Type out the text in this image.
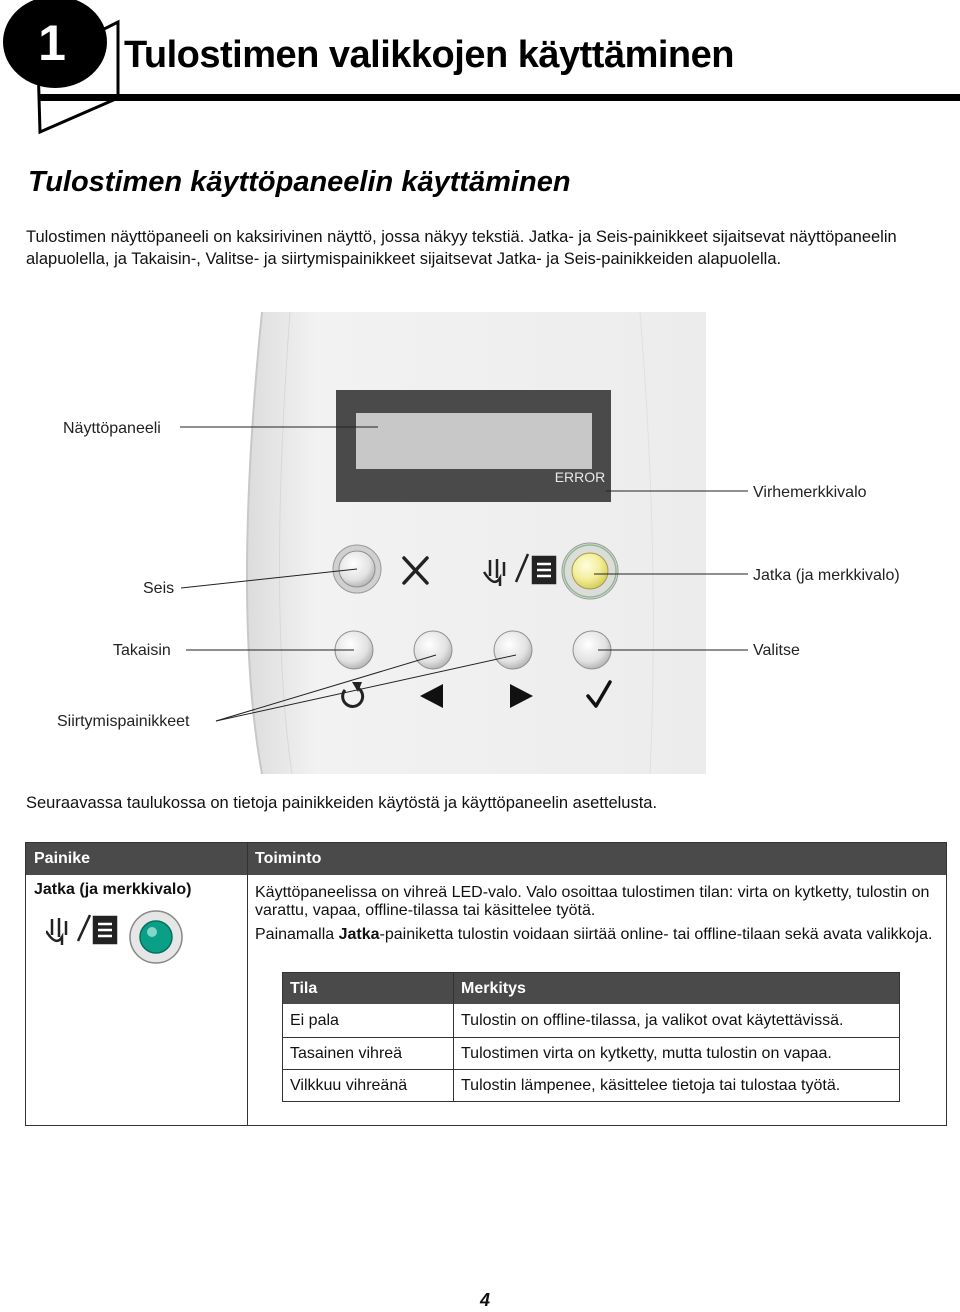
1 Tulostimen valikkojen käyttäminen
Tulostimen käyttöpaneelin käyttäminen
Tulostimen näyttöpaneeli on kaksirivinen näyttö, jossa näkyy tekstiä. Jatka- ja Seis-painikkeet sijaitsevat näyttöpaneelin alapuolella, ja Takaisin-, Valitse- ja siirtymispainikkeet sijaitsevat Jatka- ja Seis-painikkeiden alapuolella.
ERROR
Näyttöpaneeli
Virhemerkkivalo
Seis
Jatka (ja merkkivalo)
Takaisin	Valitse
Siirtymispainikkeet
Seuraavassa taulukossa on tietoja painikkeiden käytöstä ja käyttöpaneelin asettelusta.
Painike	Toiminto
Jatka (ja merkkivalo)	Käyttöpaneelissa on vihreä LED-valo. Valo osoittaa tulostimen tilan: virta on kytketty, tulostin on varattu, vapaa, offline-tilassa tai käsittelee työtä.
Painamalla Jatka-painiketta tulostin voidaan siirtää online- tai offline-tilaan sekä avata valikkoja.
Tila	Merkitys
Ei pala	Tulostin on offline-tilassa, ja valikot ovat käytettävissä.
Tasainen vihreä	Tulostimen virta on kytketty, mutta tulostin on vapaa.
Vilkkuu vihreänä	Tulostin lämpenee, käsittelee tietoja tai tulostaa työtä.
4
